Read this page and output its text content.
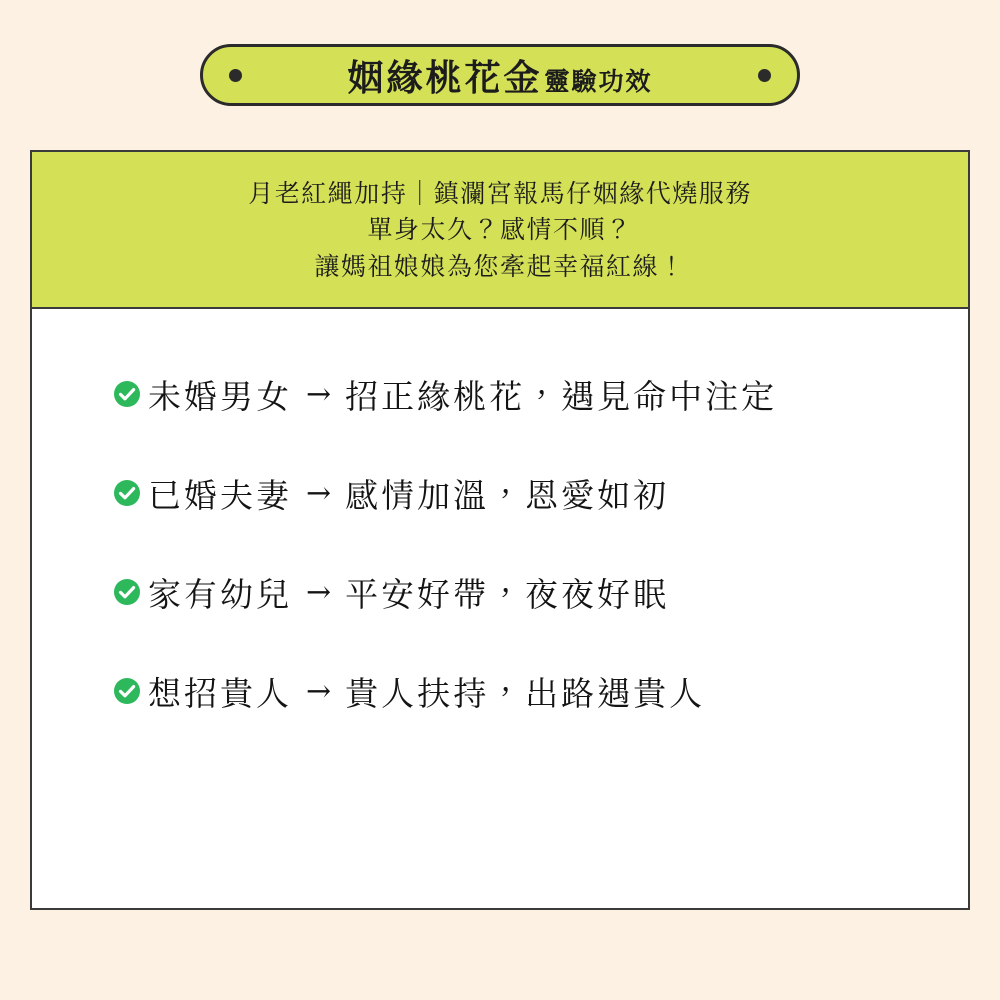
姻緣桃花金 靈驗功效
月老紅繩加持｜鎮瀾宮報馬仔姻緣代燒服務
單身太久？感情不順？
讓媽祖娘娘為您牽起幸福紅線！
未婚男女 → 招正緣桃花，遇見命中注定
已婚夫妻 → 感情加溫，恩愛如初
家有幼兒 → 平安好帶，夜夜好眠
想招貴人 → 貴人扶持，出路遇貴人
